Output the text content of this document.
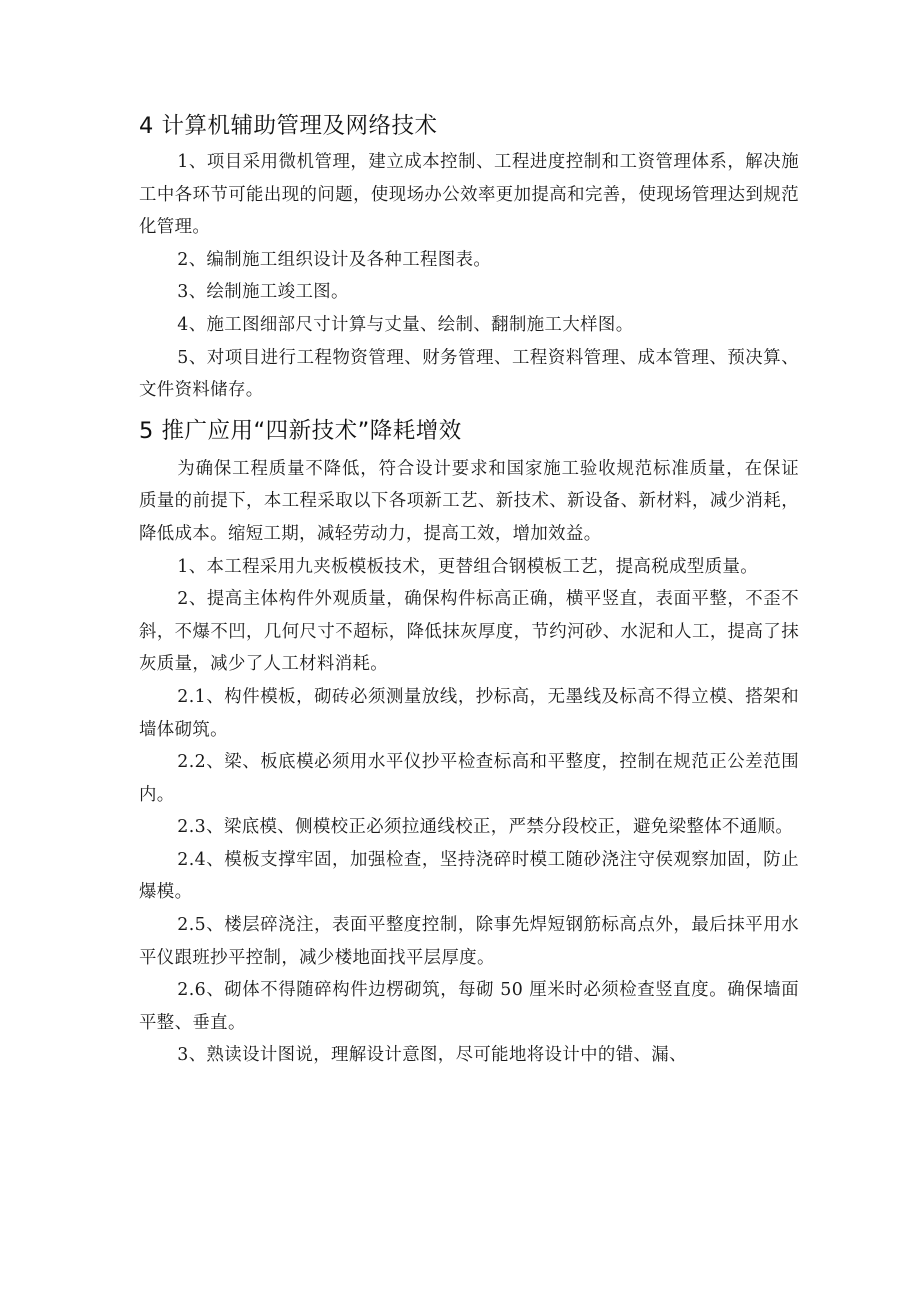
4 计算机辅助管理及网络技术

1、项目采用微机管理，建立成本控制、工程进度控制和工资管理体系，解决施工中各环节可能出现的问题，使现场办公效率更加提高和完善，使现场管理达到规范化管理。

2、编制施工组织设计及各种工程图表。

3、绘制施工竣工图。

4、施工图细部尺寸计算与丈量、绘制、翻制施工大样图。

5、对项目进行工程物资管理、财务管理、工程资料管理、成本管理、预决算、文件资料储存。

5 推广应用“四新技术”降耗增效

为确保工程质量不降低，符合设计要求和国家施工验收规范标准质量，在保证质量的前提下，本工程采取以下各项新工艺、新技术、新设备、新材料，减少消耗，降低成本。缩短工期，减轻劳动力，提高工效，增加效益。

1、本工程采用九夹板模板技术，更替组合钢模板工艺，提高税成型质量。

2、提高主体构件外观质量，确保构件标高正确，横平竖直，表面平整，不歪不斜，不爆不凹，几何尺寸不超标，降低抹灰厚度，节约河砂、水泥和人工，提高了抹灰质量，减少了人工材料消耗。

2.1、构件模板，砌砖必须测量放线，抄标高，无墨线及标高不得立模、搭架和墙体砌筑。

2.2、梁、板底模必须用水平仪抄平检查标高和平整度，控制在规范正公差范围内。

2.3、梁底模、侧模校正必须拉通线校正，严禁分段校正，避免梁整体不通顺。

2.4、模板支撑牢固，加强检查，坚持浇碎时模工随砂浇注守侯观察加固，防止爆模。

2.5、楼层碎浇注，表面平整度控制，除事先焊短钢筋标高点外，最后抹平用水平仪跟班抄平控制，减少楼地面找平层厚度。

2.6、砌体不得随碎构件边楞砌筑，每砌 50 厘米时必须检查竖直度。确保墙面平整、垂直。

3、熟读设计图说，理解设计意图，尽可能地将设计中的错、漏、
